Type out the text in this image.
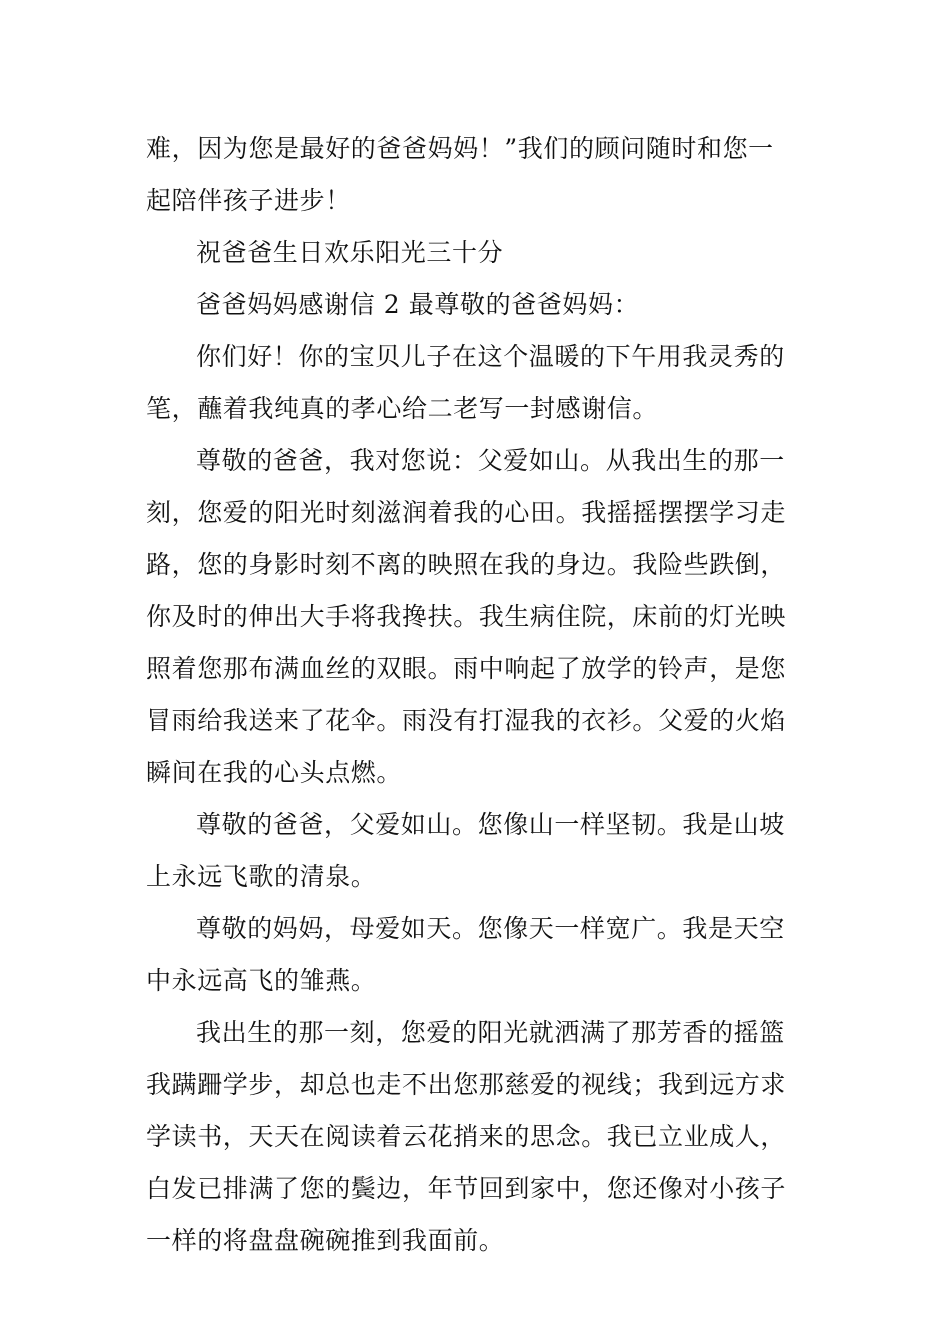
难，因为您是最好的爸爸妈妈！”我们的顾问随时和您一
起陪伴孩子进步！
祝爸爸生日欢乐阳光三十分
爸爸妈妈感谢信 2 最尊敬的爸爸妈妈：
你们好！你的宝贝儿子在这个温暖的下午用我灵秀的
笔，蘸着我纯真的孝心给二老写一封感谢信。
尊敬的爸爸，我对您说：父爱如山。从我出生的那一
刻，您爱的阳光时刻滋润着我的心田。我摇摇摆摆学习走
路，您的身影时刻不离的映照在我的身边。我险些跌倒，
你及时的伸出大手将我搀扶。我生病住院，床前的灯光映
照着您那布满血丝的双眼。雨中响起了放学的铃声，是您
冒雨给我送来了花伞。雨没有打湿我的衣衫。父爱的火焰
瞬间在我的心头点燃。
尊敬的爸爸，父爱如山。您像山一样坚韧。我是山坡
上永远飞歌的清泉。
尊敬的妈妈，母爱如天。您像天一样宽广。我是天空
中永远高飞的雏燕。
我出生的那一刻，您爱的阳光就洒满了那芳香的摇篮
我蹒跚学步，却总也走不出您那慈爱的视线；我到远方求
学读书，天天在阅读着云花捎来的思念。我已立业成人，
白发已排满了您的鬓边，年节回到家中，您还像对小孩子
一样的将盘盘碗碗推到我面前。
